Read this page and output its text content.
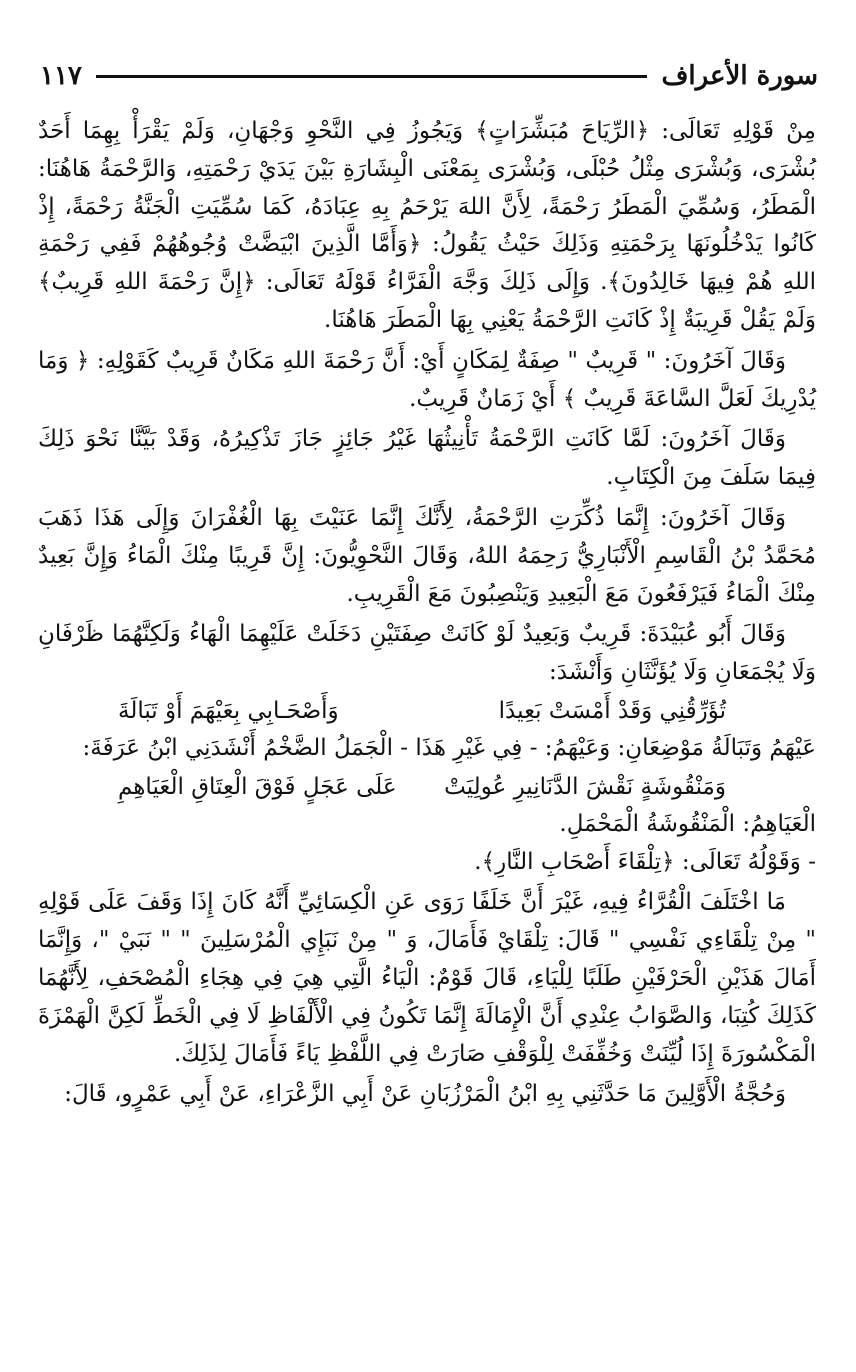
سورة الأعراف
١١٧

مِنْ قَوْلِهِ تَعَالَى: ﴿الرِّيَاحَ مُبَشِّرَاتٍ﴾ وَيَجُوزُ فِي النَّحْوِ وَجْهَانِ، وَلَمْ يَقْرَأْ بِهِمَا أَحَدٌ بُشْرَى، وَبُشْرَى مِثْلُ حُبْلَى، وَبُشْرَى بِمَعْنَى الْبِشَارَةِ بَيْنَ يَدَيْ رَحْمَتِهِ، وَالرَّحْمَةُ هَاهُنَا: الْمَطَرُ، وَسُمِّيَ الْمَطَرُ رَحْمَةً، لِأَنَّ اللهَ يَرْحَمُ بِهِ عِبَادَهُ، كَمَا سُمِّيَتِ الْجَنَّةُ رَحْمَةً، إِذْ كَانُوا يَدْخُلُونَهَا بِرَحْمَتِهِ وَذَلِكَ حَيْثُ يَقُولُ: ﴿وَأَمَّا الَّذِينَ ابْيَضَّتْ وُجُوهُهُمْ فَفِي رَحْمَةِ اللهِ هُمْ فِيهَا خَالِدُونَ﴾. وَإِلَى ذَلِكَ وَجَّهَ الْفَرَّاءُ قَوْلَهُ تَعَالَى: ﴿إِنَّ رَحْمَةَ اللهِ قَرِيبٌ﴾ وَلَمْ يَقُلْ قَرِيبَةٌ إِذْ كَانَتِ الرَّحْمَةُ يَعْنِي بِهَا الْمَطَرَ هَاهُنَا.

وَقَالَ آخَرُونَ: " قَرِيبٌ " صِفَةٌ لِمَكَانٍ أَيْ: أَنَّ رَحْمَةَ اللهِ مَكَانٌ قَرِيبٌ كَقَوْلِهِ: ﴿ وَمَا يُدْرِيكَ لَعَلَّ السَّاعَةَ قَرِيبٌ ﴾ أَيْ زَمَانٌ قَرِيبٌ.

وَقَالَ آخَرُونَ: لَمَّا كَانَتِ الرَّحْمَةُ تَأْنِيثُهَا غَيْرُ جَائِزٍ جَازَ تَذْكِيرُهُ، وَقَدْ بَيَّنَّا نَحْوَ ذَلِكَ فِيمَا سَلَفَ مِنَ الْكِتَابِ.

وَقَالَ آخَرُونَ: إِنَّمَا ذُكِّرَتِ الرَّحْمَةُ، لِأَنَّكَ إِنَّمَا عَنَيْتَ بِهَا الْغُفْرَانَ وَإِلَى هَذَا ذَهَبَ مُحَمَّدُ بْنُ الْقَاسِمِ الْأَنْبَارِيُّ رَحِمَهُ اللهُ، وَقَالَ النَّحْوِيُّونَ: إِنَّ قَرِيبًا مِنْكَ الْمَاءُ وَإِنَّ بَعِيدٌ مِنْكَ الْمَاءُ فَيَرْفَعُونَ مَعَ الْبَعِيدِ وَيَنْصِبُونَ مَعَ الْقَرِيبِ.

وَقَالَ أَبُو عُبَيْدَةَ: قَرِيبٌ وَبَعِيدٌ لَوْ كَانَتْ صِفَتَيْنِ دَخَلَتْ عَلَيْهِمَا الْهَاءُ وَلَكِنَّهُمَا ظَرْفَانِ وَلَا يُجْمَعَانِ وَلَا يُؤَنَّثَانِ وَأَنْشَدَ:

تُؤَرِّقُنِي وَقَدْ أَمْسَتْ بَعِيدًا
وَأَصْحَـابِي بِعَيْهَمَ أَوْ تَبَالَةَ

عَيْهَمُ وَتَبَالَةُ مَوْضِعَانِ: وَعَيْهَمُ: - فِي غَيْرِ هَذَا - الْجَمَلُ الضَّخْمُ أَنْشَدَنِي ابْنُ عَرَفَةَ:

وَمَنْقُوشَةٍ نَقْشَ الدَّنَانِيرِ عُولِيَتْ
عَلَى عَجَلٍ فَوْقَ الْعِتَاقِ الْعَيَاهِمِ

الْعَيَاهِمُ: الْمَنْقُوشَةُ الْمَحْمَلِ.

- وَقَوْلُهُ تَعَالَى: ﴿تِلْقَاءَ أَصْحَابِ النَّارِ﴾.

مَا اخْتَلَفَ الْقُرَّاءُ فِيهِ، غَيْرَ أَنَّ خَلَفًا رَوَى عَنِ الْكِسَائِيِّ أَنَّهُ كَانَ إِذَا وَقَفَ عَلَى قَوْلِهِ " مِنْ تِلْقَاءِي نَفْسِي " قَالَ: تِلْقَايْ فَأَمَالَ، وَ " مِنْ نَبَإِي الْمُرْسَلِينَ " " نَبَيْ "، وَإِنَّمَا أَمَالَ هَذَيْنِ الْحَرْفَيْنِ طَلَبًا لِلْيَاءِ، قَالَ قَوْمٌ: الْيَاءُ الَّتِي هِيَ فِي هِجَاءِ الْمُصْحَفِ، لِأَنَّهُمَا كَذَلِكَ كُتِبَا، وَالصَّوَابُ عِنْدِي أَنَّ الْإِمَالَةَ إِنَّمَا تَكُونُ فِي الْأَلْفَاظِ لَا فِي الْخَطِّ لَكِنَّ الْهَمْزَةَ الْمَكْسُورَةَ إِذَا لُيِّنَتْ وَخُفِّفَتْ لِلْوَقْفِ صَارَتْ فِي اللَّفْظِ يَاءً فَأَمَالَ لِذَلِكَ.

وَحُجَّةُ الْأَوَّلِينَ مَا حَدَّثَنِي بِهِ ابْنُ الْمَرْزُبَانِ عَنْ أَبِي الزَّعْرَاءِ، عَنْ أَبِي عَمْرٍو، قَالَ:
